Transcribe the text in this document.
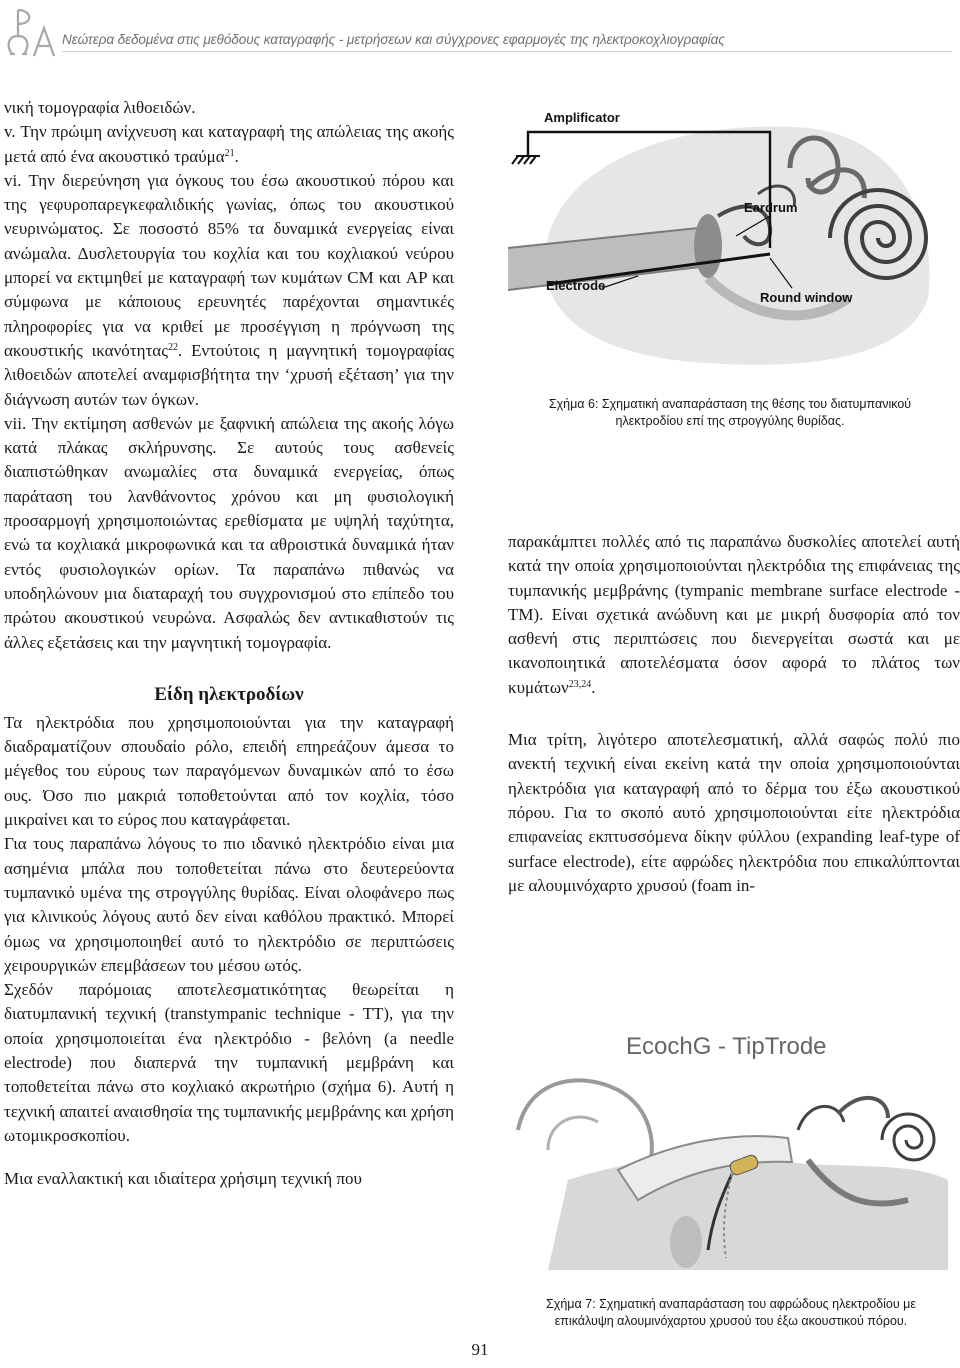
Νεώτερα δεδομένα στις μεθόδους καταγραφής - μετρήσεων και σύγχρονες εφαρμογές της ηλεκτροκοχλιογραφίας

νική τομογραφία λιθοειδών.

v. Την πρώιμη ανίχνευση και καταγραφή της απώλειας της ακοής μετά από ένα ακουστικό τραύμα$^{21}$.

vi. Την διερεύνηση για όγκους του έσω ακουστικού πόρου και της γεφυροπαρεγκεφαλιδικής γωνίας, όπως του ακουστικού νευρινώματος. Σε ποσοστό 85% τα δυναμικά ενεργείας είναι ανώμαλα. Δυσλετουργία του κοχλία και του κοχλιακού νεύρου μπορεί να εκτιμηθεί με καταγραφή των κυμάτων CM και AP και σύμφωνα με κάποιους ερευνητές παρέχονται σημαντικές πληροφορίες για να κριθεί με προσέγγιση η πρόγνωση της ακουστικής ικανότητας$^{22}$. Εντούτοις η μαγνητική τομογραφίας λιθοειδών αποτελεί αναμφισβήτητα την ‘χρυσή εξέταση’ για την διάγνωση αυτών των όγκων.

vii. Την εκτίμηση ασθενών με ξαφνική απώλεια της ακοής λόγω κατά πλάκας σκλήρυνσης. Σε αυτούς τους ασθενείς διαπιστώθηκαν ανωμαλίες στα δυναμικά ενεργείας, όπως παράταση του λανθάνοντος χρόνου και μη φυσιολογική προσαρμογή χρησιμοποιώντας ερεθίσματα με υψηλή ταχύτητα, ενώ τα κοχλιακά μικροφωνικά και τα αθροιστικά δυναμικά ήταν εντός φυσιολογικών ορίων. Τα παραπάνω πιθανώς να υποδηλώνουν μια διαταραχή του συγχρονισμού στο επίπεδο του πρώτου ακουστικού νευρώνα. Ασφαλώς δεν αντικαθιστούν τις άλλες εξετάσεις και την μαγνητική τομογραφία.

Είδη ηλεκτροδίων

Τα ηλεκτρόδια που χρησιμοποιούνται για την καταγραφή διαδραματίζουν σπουδαίο ρόλο, επειδή επηρεάζουν άμεσα το μέγεθος του εύρους των παραγόμενων δυναμικών από το έσω ους. Όσο πιο μακριά τοποθετούνται από τον κοχλία, τόσο μικραίνει και το εύρος που καταγράφεται.

Για τους παραπάνω λόγους το πιο ιδανικό ηλεκτρόδιο είναι μια ασημένια μπάλα που τοποθετείται πάνω στο δευτερεύοντα τυμπανικό υμένα της στρογγύλης θυρίδας. Είναι ολοφάνερο πως για κλινικούς λόγους αυτό δεν είναι καθόλου πρακτικό. Μπορεί όμως να χρησιμοποιηθεί αυτό το ηλεκτρόδιο σε περιπτώσεις χειρουργικών επεμβάσεων του μέσου ωτός.

Σχεδόν παρόμοιας αποτελεσματικότητας θεωρείται η διατυμπανική τεχνική (transtympanic technique - TT), για την οποία χρησιμοποιείται ένα ηλεκτρόδιο - βελόνη (a needle electrode) που διαπερνά την τυμπανική μεμβράνη και τοποθετείται πάνω στο κοχλιακό ακρωτήριο (σχήμα 6). Αυτή η τεχνική απαιτεί αναισθησία της τυμπανικής μεμβράνης και χρήση ωτομικροσκοπίου.

Μια εναλλακτική και ιδιαίτερα χρήσιμη τεχνική που

Amplificator
Eardrum
Electrode
Round window
Σχήμα 6: Σχηματική αναπαράσταση της θέσης του διατυμπανικού
ηλεκτροδίου επί της στρογγύλης θυρίδας.

παρακάμπτει πολλές από τις παραπάνω δυσκολίες αποτελεί αυτή κατά την οποία χρησιμοποιούνται ηλεκτρόδια της επιφάνειας της τυμπανικής μεμβράνης (tympanic membrane surface electrode - TM). Είναι σχετικά ανώδυνη και με μικρή δυσφορία από τον ασθενή στις περιπτώσεις που διενεργείται σωστά και με ικανοποιητικά αποτελέσματα όσον αφορά το πλάτος των κυμάτων$^{23,24}$.

Μια τρίτη, λιγότερο αποτελεσματική, αλλά σαφώς πολύ πιο ανεκτή τεχνική είναι εκείνη κατά την οποία χρησιμοποιούνται ηλεκτρόδια για καταγραφή από το δέρμα του έξω ακουστικού πόρου. Για το σκοπό αυτό χρησιμοποιούνται είτε ηλεκτρόδια επιφανείας εκπτυσσόμενα δίκην φύλλου (expanding leaf-type of surface electrode), είτε αφρώδες ηλεκτρόδια που επικαλύπτονται με αλουμινόχαρτο χρυσού (foam in-

EcochG - TipTrode
Σχήμα 7: Σχηματική αναπαράσταση του αφρώδους ηλεκτροδίου με
επικάλυψη αλουμινόχαρτου χρυσού του έξω ακουστικού πόρου.
91
